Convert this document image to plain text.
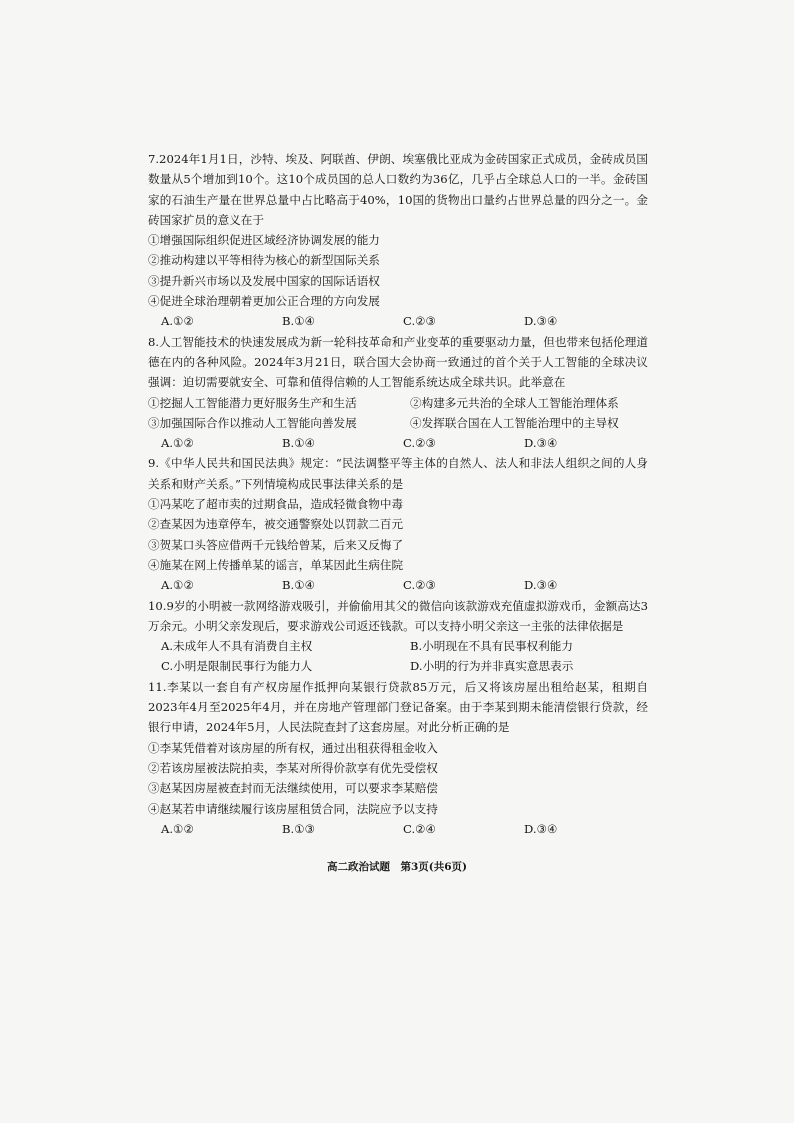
7.2024年1月1日，沙特、埃及、阿联酋、伊朗、埃塞俄比亚成为金砖国家正式成员，金砖成员国数量从5个增加到10个。这10个成员国的总人口数约为36亿，几乎占全球总人口的一半。金砖国家的石油生产量在世界总量中占比略高于40%，10国的货物出口量约占世界总量的四分之一。金砖国家扩员的意义在于
①增强国际组织促进区域经济协调发展的能力
②推动构建以平等相待为核心的新型国际关系
③提升新兴市场以及发展中国家的国际话语权
④促进全球治理朝着更加公正合理的方向发展
A.①②	B.①④	C.②③	D.③④
8.人工智能技术的快速发展成为新一轮科技革命和产业变革的重要驱动力量，但也带来包括伦理道德在内的各种风险。2024年3月21日，联合国大会协商一致通过的首个关于人工智能的全球决议强调：迫切需要就安全、可靠和值得信赖的人工智能系统达成全球共识。此举意在
①挖掘人工智能潜力更好服务生产和生活	②构建多元共治的全球人工智能治理体系
③加强国际合作以推动人工智能向善发展	④发挥联合国在人工智能治理中的主导权
A.①②	B.①④	C.②③	D.③④
9.《中华人民共和国民法典》规定：“民法调整平等主体的自然人、法人和非法人组织之间的人身关系和财产关系。”下列情境构成民事法律关系的是
①冯某吃了超市卖的过期食品，造成轻微食物中毒
②查某因为违章停车，被交通警察处以罚款二百元
③贺某口头答应借两千元钱给曾某，后来又反悔了
④施某在网上传播单某的谣言，单某因此生病住院
A.①②	B.①④	C.②③	D.③④
10.9岁的小明被一款网络游戏吸引，并偷偷用其父的微信向该款游戏充值虚拟游戏币，金额高达3万余元。小明父亲发现后，要求游戏公司返还钱款。可以支持小明父亲这一主张的法律依据是
A.未成年人不具有消费自主权	B.小明现在不具有民事权利能力
C.小明是限制民事行为能力人	D.小明的行为并非真实意思表示
11.李某以一套自有产权房屋作抵押向某银行贷款85万元，后又将该房屋出租给赵某，租期自2023年4月至2025年4月，并在房地产管理部门登记备案。由于李某到期未能清偿银行贷款，经银行申请，2024年5月，人民法院查封了这套房屋。对此分析正确的是
①李某凭借着对该房屋的所有权，通过出租获得租金收入
②若该房屋被法院拍卖，李某对所得价款享有优先受偿权
③赵某因房屋被查封而无法继续使用，可以要求李某赔偿
④赵某若申请继续履行该房屋租赁合同，法院应予以支持
A.①②	B.①③	C.②④	D.③④
高二政治试题　第3页(共6页)
